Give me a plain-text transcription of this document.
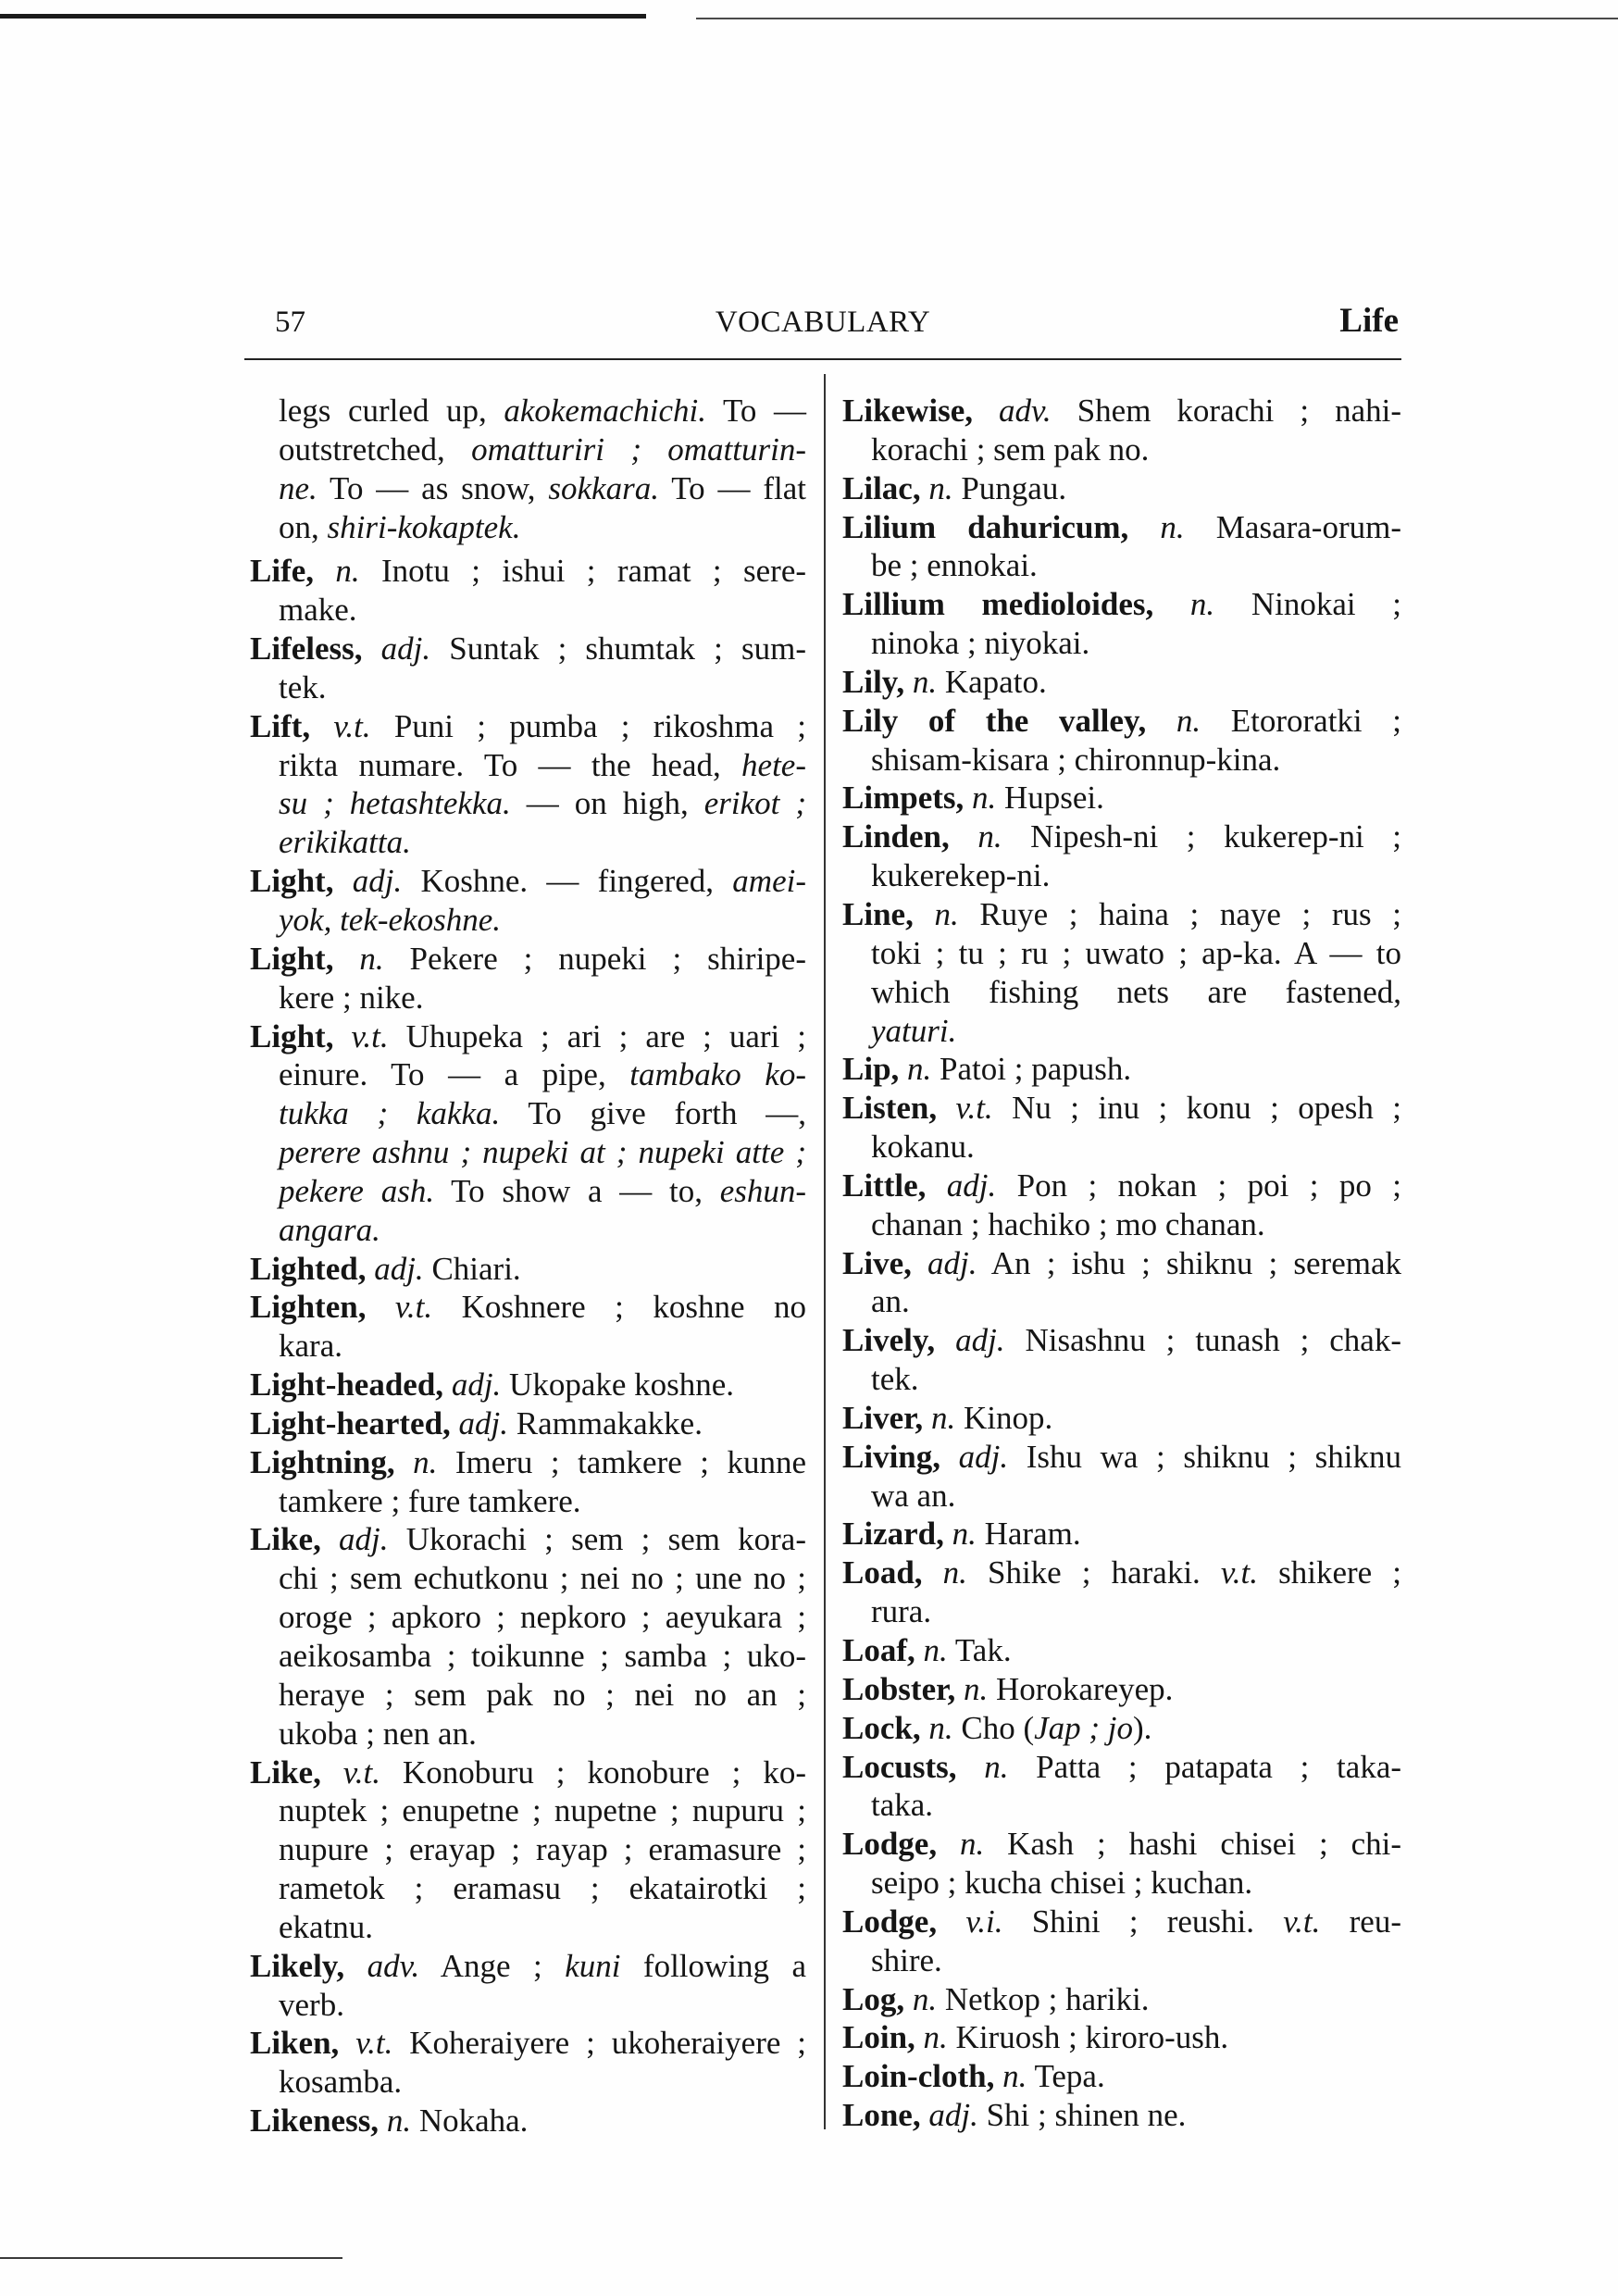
57	VOCABULARY	Life
legs curled up, akokemachichi. To —
outstretched, omatturiri ; omatturin-
ne. To — as snow, sokkara. To — flat
on, shiri-kokaptek.
Life, n. Inotu ; ishui ; ramat ; sere-
make.
Lifeless, adj. Suntak ; shumtak ; sum-
tek.
Lift, v.t. Puni ; pumba ; rikoshma ;
rikta numare. To — the head, hete-
su ; hetashtekka. — on high, erikot ;
erikikatta.
Light, adj. Koshne. — fingered, amei-
yok, tek-ekoshne.
Light, n. Pekere ; nupeki ; shiripe-
kere ; nike.
Light, v.t. Uhupeka ; ari ; are ; uari ;
einure. To — a pipe, tambako ko-
tukka ; kakka. To give forth —,
perere ashnu ; nupeki at ; nupeki atte ;
pekere ash. To show a — to, eshun-
angara.
Lighted, adj. Chiari.
Lighten, v.t. Koshnere ; koshne no
kara.
Light-headed, adj. Ukopake koshne.
Light-hearted, adj. Rammakakke.
Lightning, n. Imeru ; tamkere ; kunne
tamkere ; fure tamkere.
Like, adj. Ukorachi ; sem ; sem kora-
chi ; sem echutkonu ; nei no ; une no ;
oroge ; apkoro ; nepkoro ; aeyukara ;
aeikosamba ; toikunne ; samba ; uko-
heraye ; sem pak no ; nei no an ;
ukoba ; nen an.
Like, v.t. Konoburu ; konobure ; ko-
nuptek ; enupetne ; nupetne ; nupuru ;
nupure ; erayap ; rayap ; eramasure ;
rametok ; eramasu ; ekatairotki ;
ekatnu.
Likely, adv. Ange ; kuni following a
verb.
Liken, v.t. Koheraiyere ; ukoheraiyere ;
kosamba.
Likeness, n. Nokaha.
Likewise, adv. Shem korachi ; nahi-
korachi ; sem pak no.
Lilac, n. Pungau.
Lilium dahuricum, n. Masara-orum-
be ; ennokai.
Lillium medioloides, n. Ninokai ;
ninoka ; niyokai.
Lily, n. Kapato.
Lily of the valley, n. Etororatki ;
shisam-kisara ; chironnup-kina.
Limpets, n. Hupsei.
Linden, n. Nipesh-ni ; kukerep-ni ;
kukerekep-ni.
Line, n. Ruye ; haina ; naye ; rus ;
toki ; tu ; ru ; uwato ; ap-ka. A — to
which fishing nets are fastened,
yaturi.
Lip, n. Patoi ; papush.
Listen, v.t. Nu ; inu ; konu ; opesh ;
kokanu.
Little, adj. Pon ; nokan ; poi ; po ;
chanan ; hachiko ; mo chanan.
Live, adj. An ; ishu ; shiknu ; seremak
an.
Lively, adj. Nisashnu ; tunash ; chak-
tek.
Liver, n. Kinop.
Living, adj. Ishu wa ; shiknu ; shiknu
wa an.
Lizard, n. Haram.
Load, n. Shike ; haraki. v.t. shikere ;
rura.
Loaf, n. Tak.
Lobster, n. Horokareyep.
Lock, n. Cho (Jap ; jo).
Locusts, n. Patta ; patapata ; taka-
taka.
Lodge, n. Kash ; hashi chisei ; chi-
seipo ; kucha chisei ; kuchan.
Lodge, v.i. Shini ; reushi. v.t. reu-
shire.
Log, n. Netkop ; hariki.
Loin, n. Kiruosh ; kiroro-ush.
Loin-cloth, n. Tepa.
Lone, adj. Shi ; shinen ne.
